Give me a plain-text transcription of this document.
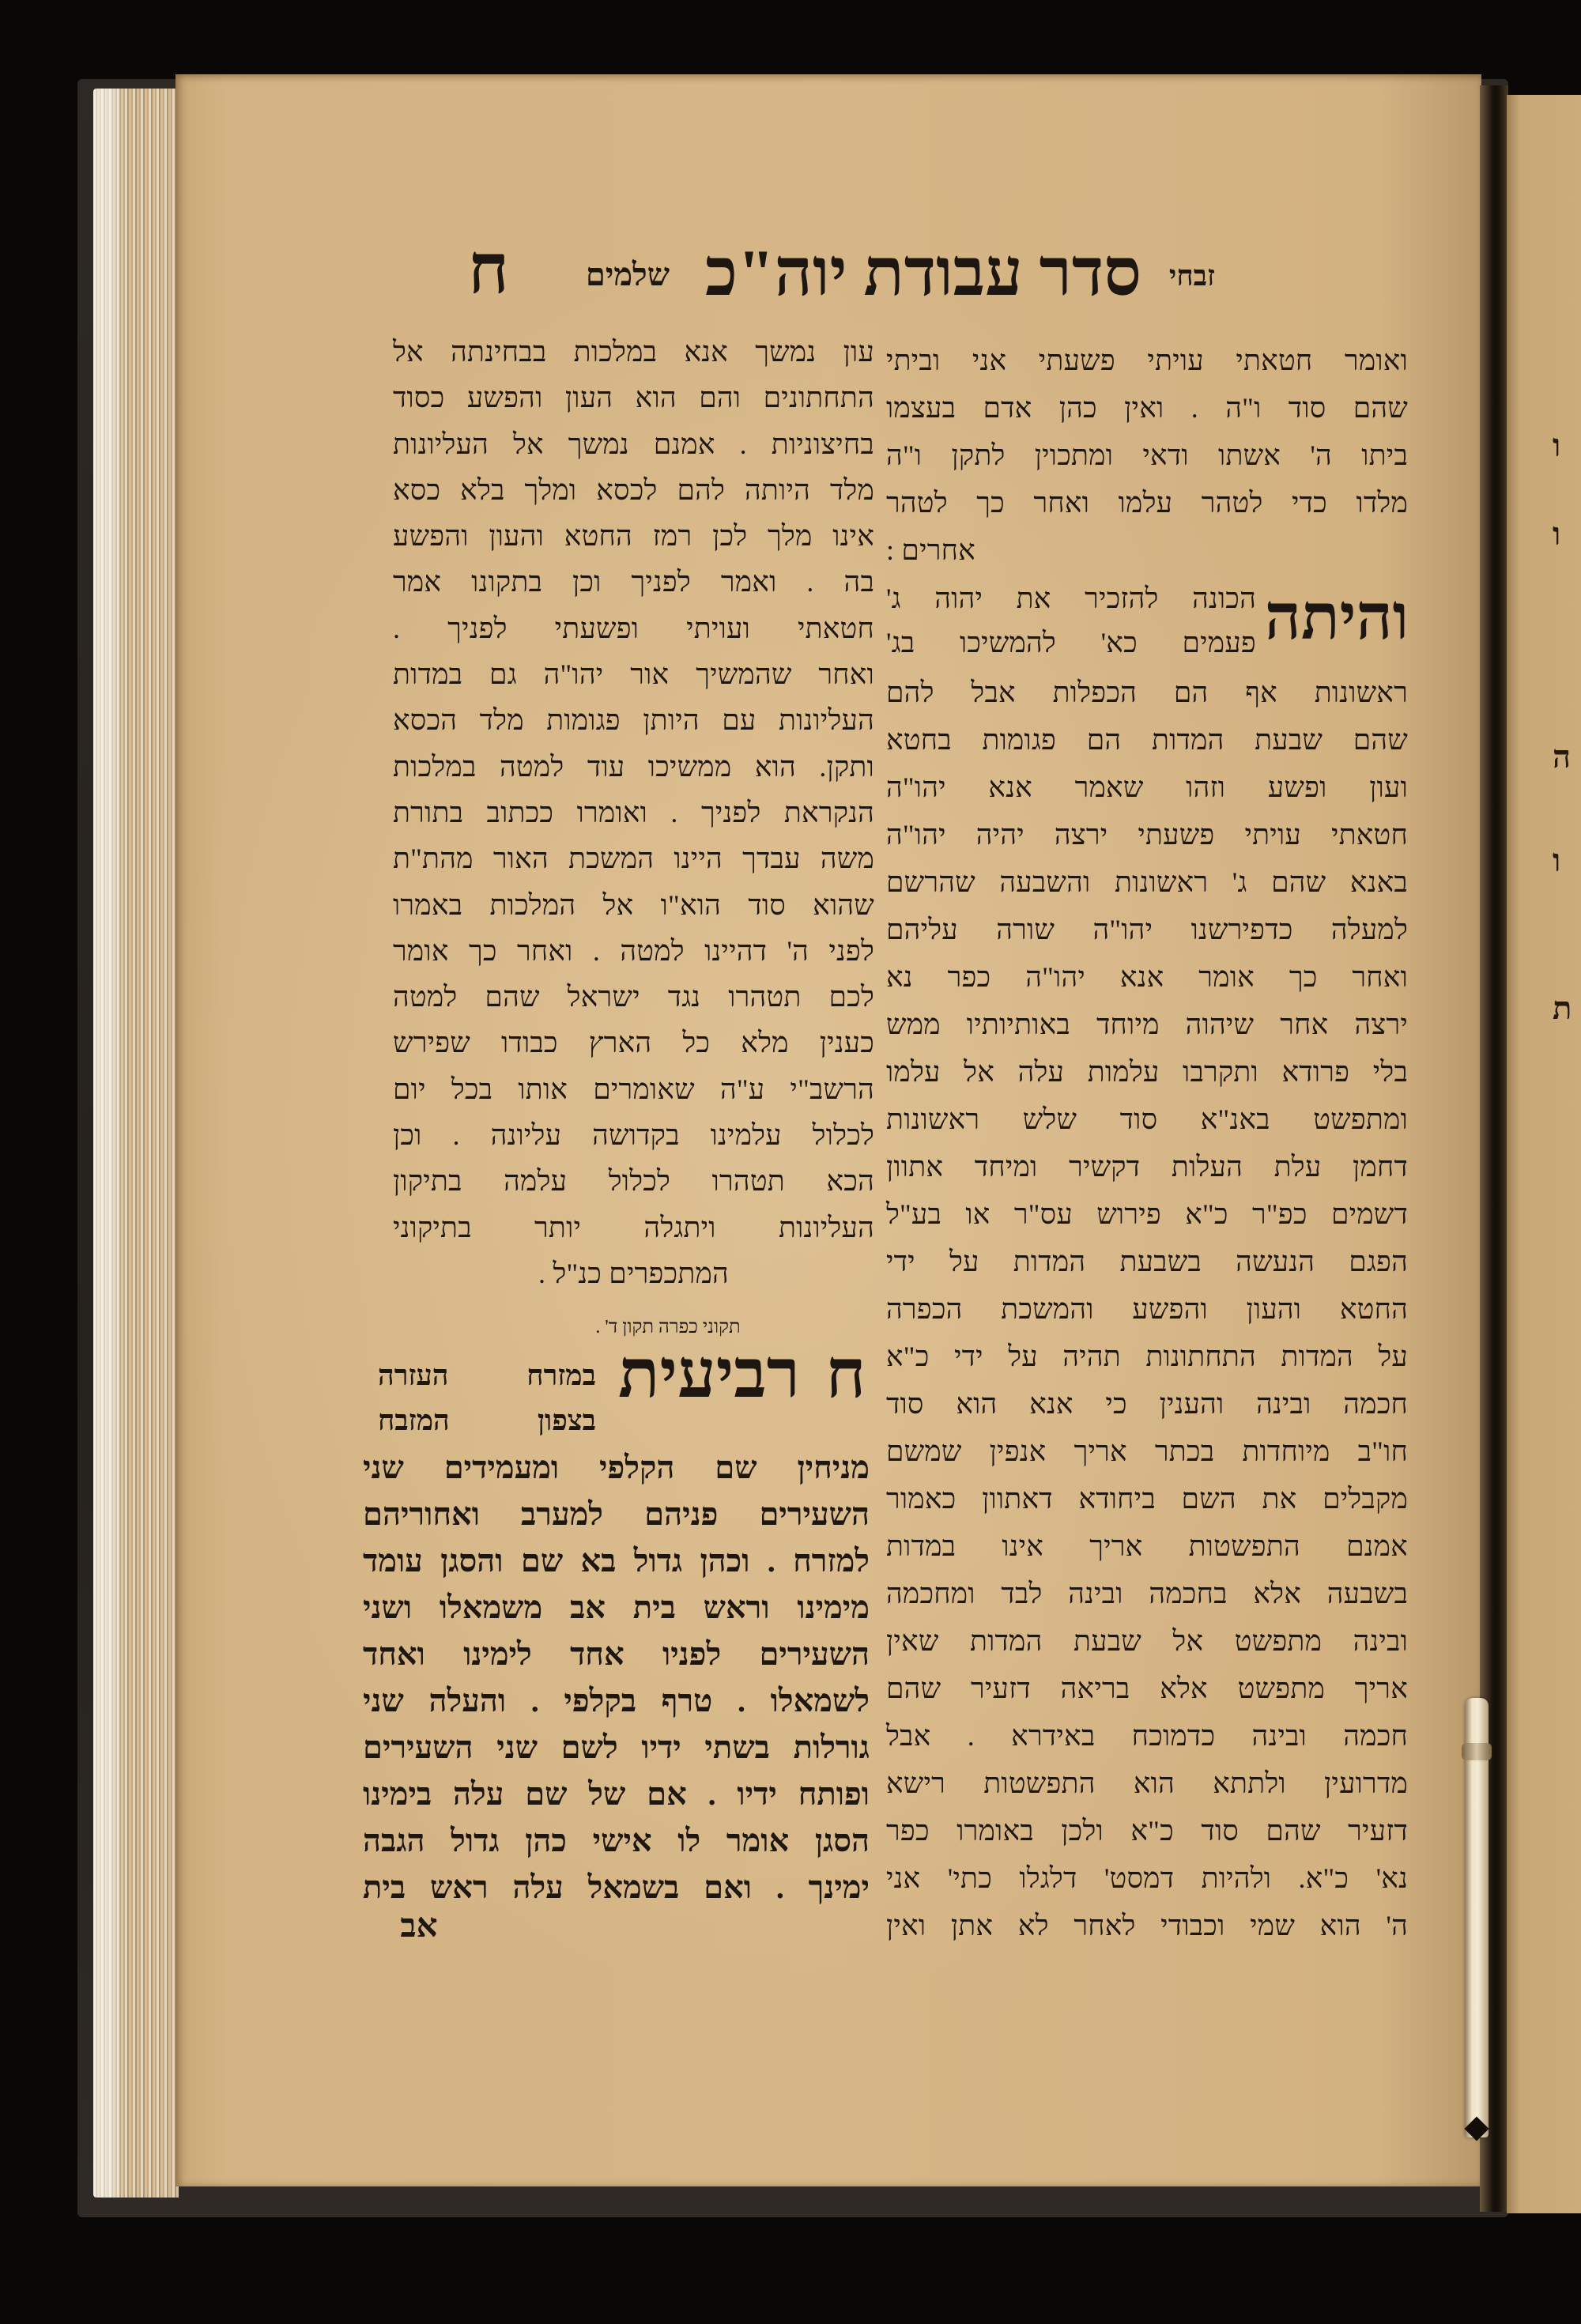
ו
ו
ה
ו
ת
ח	שלמים סדר עבודת יוה"כ זבחי
ואומר חטאתי עויתי פשעתי אני וביתי
שהם סוד ו"ה . ואין כהן אדם בעצמו
ביתו ה' אשתו ודאי ומתכוין לתקן ו"ה
מלדו כדי לטהר עלמו ואחר כך לטהר
אחרים :
והיתה
הכונה להזכיר את יהוה ג'
פעמים כא' להמשיכו בג'
ראשונות אף הם הכפלות אבל להם
שהם שבעת המדות הם פגומות בחטא
ועון ופשע וזהו שאמר אנא יהו"ה
חטאתי עויתי פשעתי ירצה יהיה יהו"ה
באנא שהם ג' ראשונות והשבעה שהרשם
למעלה כדפירשנו יהו"ה שורה עליהם
ואחר כך אומר אנא יהו"ה כפר נא
ירצה אחר שיהוה מיוחד באותיותיו ממש
בלי פרודא ותקרבו עלמות עלה אל עלמו
ומתפשט באנ"א סוד שלש ראשונות
דחמן עלת העלות דקשיר ומיחד אתוון
דשמים כפ"ר כ"א פירוש עס"ר או בע"ל
הפגם הנעשה בשבעת המדות על ידי
החטא והעון והפשע והמשכת הכפרה
על המדות התחתונות תהיה על ידי כ"א
חכמה ובינה והענין כי אנא הוא סוד
חו"ב מיוחדות בכתר אריך אנפין שמשם
מקבלים את השם ביחודא דאתוון כאמור
אמנם התפשטות אריך אינו במדות
בשבעה אלא בחכמה ובינה לבד ומחכמה
ובינה מתפשט אל שבעת המדות שאין
אריך מתפשט אלא בריאה דזעיר שהם
חכמה ובינה כדמוכח באידרא . אבל
מדרועין ולתתא הוא התפשטות רישא
דזעיר שהם סוד כ"א ולכן באומרו כפר
נא' כ"א. ולהיות דמסט' דלגלו כתי' אני
ה' הוא שמי וכבודי לאחר לא אתן ואין
עון נמשך אנא במלכות בבחינתה אל
התחתונים והם הוא העון והפשע כסוד
בחיצוניות . אמנם נמשך אל העליונות
מלד היותה להם לכסא ומלך בלא כסא
אינו מלך לכן רמז החטא והעון והפשע
בה . ואמר לפניך וכן בתקונו אמר
חטאתי ועויתי ופשעתי לפניך .
ואחר שהמשיך אור יהו"ה גם במדות
העליונות עם היותן פגומות מלד הכסא
ותקן. הוא ממשיכו עוד למטה במלכות
הנקראת לפניך . ואומרו ככתוב בתורת
משה עבדך היינו המשכת האור מהת"ת
שהוא סוד הוא"ו אל המלכות באמרו
לפני ה' דהיינו למטה . ואחר כך אומר
לכם תטהרו נגד ישראל שהם למטה
כענין מלא כל הארץ כבודו שפירש
הרשב"י ע"ה שאומרים אותו בכל יום
לכלול עלמינו בקדושה עליונה . וכן
הכא תטהרו לכלול עלמה בתיקון
העליונות ויתגלה יותר בתיקוני
המתכפרים כנ"ל .
תקוני כפרה תקון ד' .
ח
רביעית
במזרח העזרה
בצפון המזבח
מניחין שם הקלפי ומעמידים שני
השעירים פניהם למערב ואחוריהם
למזרח . וכהן גדול בא שם והסגן עומד
מימינו וראש בית אב משמאלו ושני
השעירים לפניו אחד לימינו ואחד
לשמאלו . טרף בקלפי . והעלה שני
גורלות בשתי ידיו לשם שני השעירים
ופותח ידיו . אם של שם עלה בימינו
הסגן אומר לו אישי כהן גדול הגבה
ימינך . ואם בשמאל עלה ראש בית
אב
